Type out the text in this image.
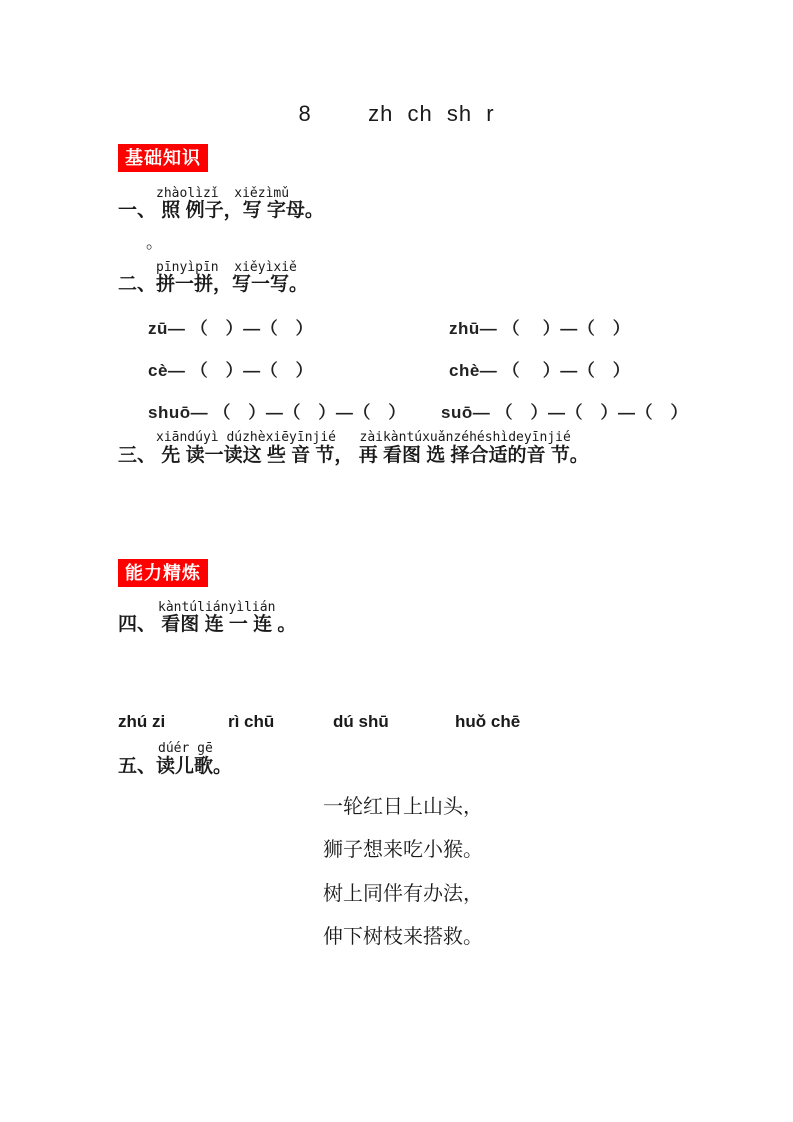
8    zh ch sh r
基础知识
zhàolìzǐ  xiězìmǔ
一、 照 例子，写 字母。
。
pīnyìpīn  xiěyìxiě
二、拼一拼，写一写。
zū— （　）—（　）	zhū— （　 ）—（　）
cè— （　）—（　）	chè— （　 ）—（　）
shuō— （　）—（　）—（　） suō— （　）—（　）—（　）
xiāndúyì dúzhèxiēyīnjié   zàikàntúxuǎnzéhéshìdeyīnjié
三、 先 读一读这 些 音 节， 再 看图 选 择合适的音 节。
能力精炼
kàntúliányìlián
四、 看图 连 一 连 。
zhú zi	rì chū	dú shū	huǒ chē
dúér gē
五、读儿歌。
一轮红日上山头，
狮子想来吃小猴。
树上同伴有办法，
伸下树枝来搭救。
